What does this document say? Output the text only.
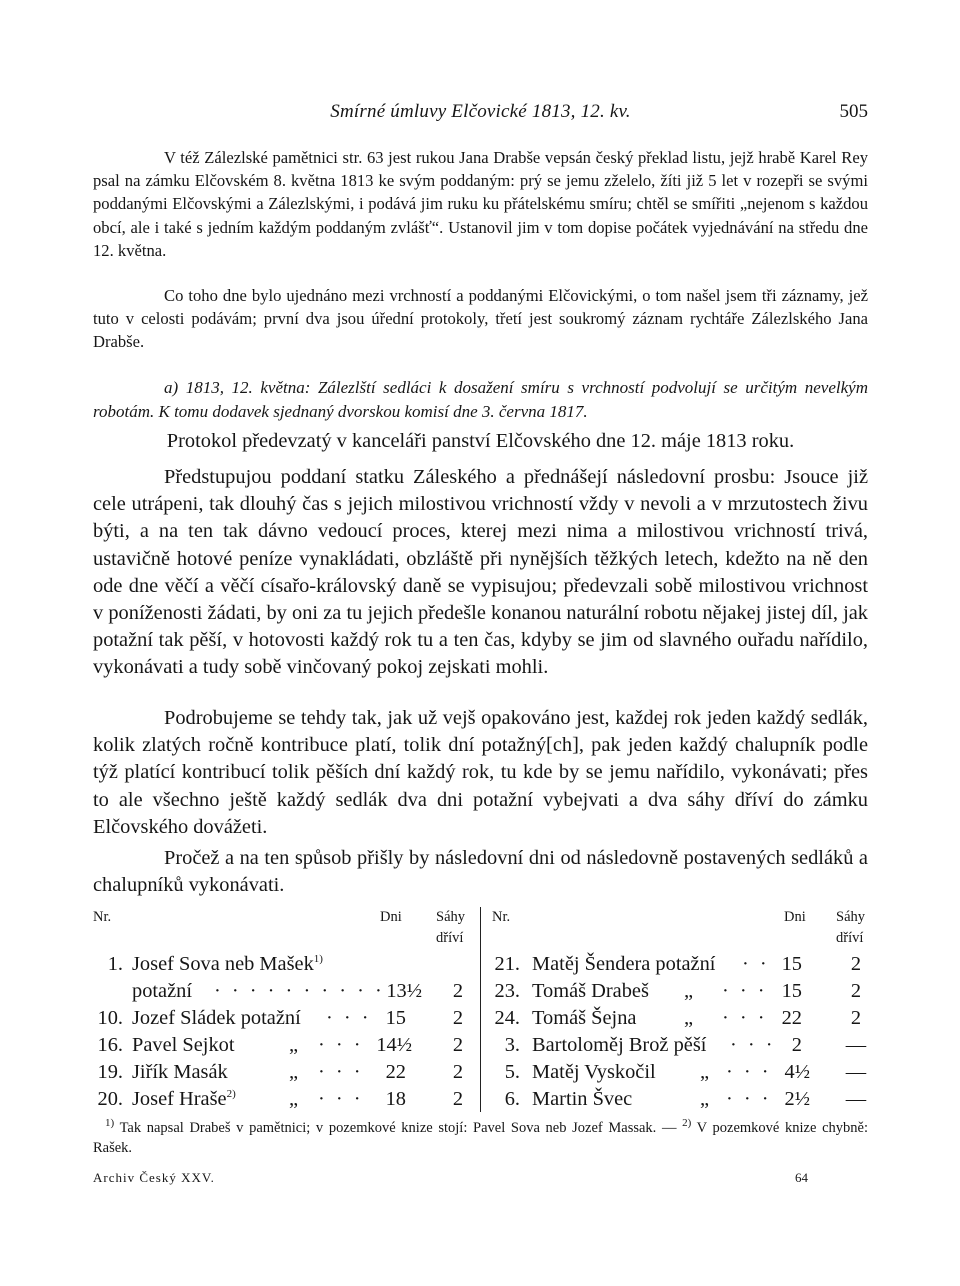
Smírné úmluvy Elčovické 1813, 12. kv.	505
V též Zálezlské pamětnici str. 63 jest rukou Jana Drabše vepsán český překlad listu, jejž hrabě Karel Rey psal na zámku Elčovském 8. května 1813 ke svým poddaným: prý se jemu zželelo, žíti již 5 let v rozepři se svými poddanými Elčovskými a Zálezlskými, i podává jim ruku ku přátelskému smíru; chtěl se smířiti „nejenom s každou obcí, ale i také s jedním každým poddaným zvlášť“. Ustanovil jim v tom dopise počátek vyjednávání na středu dne 12. května.
Co toho dne bylo ujednáno mezi vrchností a poddanými Elčovickými, o tom našel jsem tři záznamy, jež tuto v celosti podávám; první dva jsou úřední protokoly, třetí jest soukromý záznam rychtáře Zálezlského Jana Drabše.
a) 1813, 12. května: Zálezlští sedláci k dosažení smíru s vrchností podvolují se určitým nevelkým robotám. K tomu dodavek sjednaný dvorskou komisí dne 3. června 1817.
Protokol předevzatý v kanceláři panství Elčovského dne 12. máje 1813 roku.
Předstupujou poddaní statku Záleského a přednášejí následovní prosbu: Jsouce již cele utrápeni, tak dlouhý čas s jejich milostivou vrichností vždy v nevoli a v mrzutostech živu býti, a na ten tak dávno vedoucí proces, kterej mezi nima a milostivou vrichností trivá, ustavičně hotové peníze vynakládati, obzláště při nynějších těžkých letech, kdežto na ně den ode dne věčí a věčí císařo-královský daně se vypisujou; předevzali sobě milostivou vrichnost v poníženosti žádati, by oni za tu jejich předešle konanou naturální robotu nějakej jistej díl, jak potažní tak pěší, v hotovosti každý rok tu a ten čas, kdyby se jim od slavného ouřadu nařídilo, vykonávati a tudy sobě vinčovaný pokoj zejskati mohli.
Podrobujeme se tehdy tak, jak už vejš opakováno jest, každej rok jeden každý sedlák, kolik zlatých ročně kontribuce platí, tolik dní potažný[ch], pak jeden každý chalupník podle týž platící kontribucí tolik pěších dní každý rok, tu kde by se jemu nařídilo, vykonávati; přes to ale všechno ještě každý sedlák dva dni potažní vybejvati a dva sáhy dříví do zámku Elčovského dovážeti.
Pročež a na ten spůsob přišly by následovní dni od následovně postavených sedláků a chalupníků vykonávati.
Nr.	Dni Sáhy
dříví
Nr.	Dni Sáhy
dříví
1. Josef Sova neb Mašek$^{1)}$
potažní · · · · · · · · · · 13½	2
10. Jozef Sládek potažní · · · 15	2
16. Pavel Sejkot	„ · · · 14½	2
19. Jiřík Masák	„ · · ·	22	2
20. Josef Hraše$^{2)}$	„ · · ·	18	2
21. Matěj Šendera potažní · · 15	2
23. Tomáš Drabeš „ · · · 15	2
24. Tomáš Šejna „ · · · 22	2
3. Bartoloměj Brož pěší · · · 2 —
5. Matěj Vyskočil „ · · · 4½ —
6. Martin Švec	„ · · · 2½ —
$^{1)}$ Tak napsal Drabeš v pamětnici; v pozemkové knize stojí: Pavel Sova neb Jozef Massak. — $^{2)}$ V pozemkové knize chybně: Rašek.
Archiv Český XXV.	64
